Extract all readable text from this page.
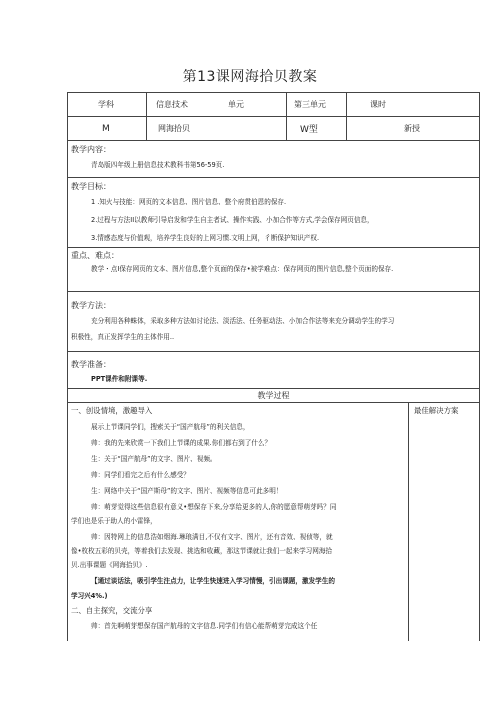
第13课网海拾贝教案
学科	信息技术	单元	第三单元	课时
M	网海拾贝	W型	新授
教学内容：
青岛版四年级上册信息技术教科书第56-59页.
教学目标：
1 .知火与技能：网页的文本信息、图片信息、整个府贯伯恩的保存.
2.过程与方法II以教师引导启发和学生自主者试、操作实践、小加合作等方式,学会保存网页信息，
3.情感态度与价值观，培养学生良好的上网习惯.文明上网，彳断保护知识产权.
重点、难点：
教学・点I保存网页的文本、图片信息,整个页面的保存•被学难点：保存网页的图片信息,整个页面的保存.
教学方法：
充分利用各种蛛体，采取多种方法如讨论法、淡活法、任务驱动法、小加合作法等来充分调动学生的学习
积极性，真正发挥学生的主体作用..
教学准备：
PPT课件和附课等.
教学过程
最佳解决方案
一、创设情境，激趣导入
展示上节课同学们，搜索关于“国产航母”的利关信息，
帅：我的先来欣赏一下我们上节课的成果.你们都右到了什么？
生：关于“国产航母”的文字、图片、视频。
帅：同学们看完之后有什么感受？
生：网络中关于“国产斯母”的文字、图片、视频等信息可此多明！
帅：萌芽觉得这些信息很有意义•想保存下来,分享给更多的人,你的愿意帮萌芽吗？同
学们也是乐于助人的小雷锋，
帅：因特网上的信息浩如烟海.琳琅满目,不仅有文字、图片，还有音效、视侦等，就
像•枚枚五彩的贝壳，等着我们去发现、挑选和收藏，那这节课就让我们一起来学习网海拾
贝.出事课题《网海拾贝》.
【通过谈话法，吸引学生注点力，让学生快速进入学习情慢，引出课题，激发学生的
学习兴4%.)
二、自主探究，交流分享
帅：首先啊萌芽想保存国产航母的文字信息.同学们有信心能帮萌芽完成这个任
